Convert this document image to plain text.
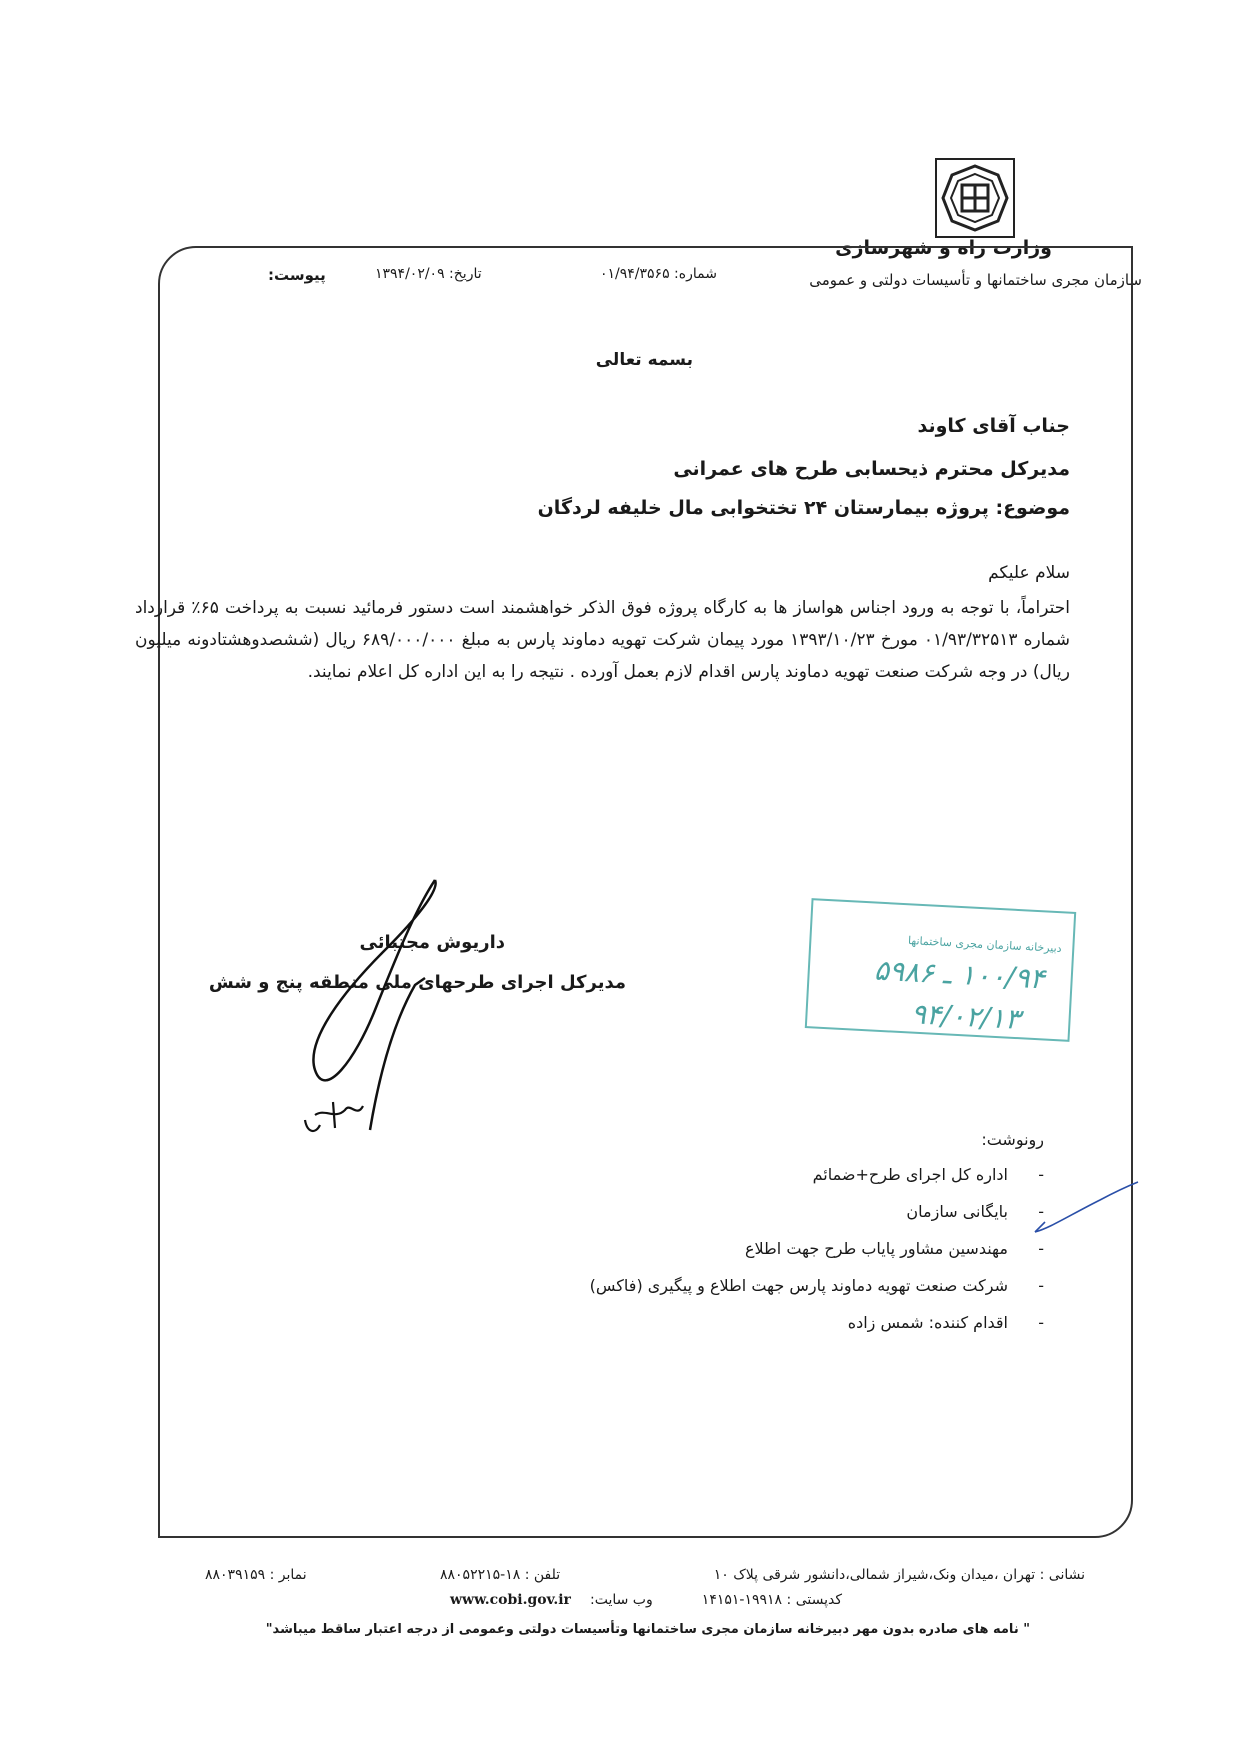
وزارت راه و شهرسازی
سازمان مجری ساختمانها و تأسیسات دولتی و عمومی
شماره: ۰۱/۹۴/۳۵۶۵
تاریخ: ۱۳۹۴/۰۲/۰۹
پیوست:
بسمه تعالی
جناب آقای کاوند
مدیرکل محترم ذیحسابی طرح های عمرانی
موضوع: پروژه بیمارستان ۲۴ تختخوابی مال خلیفه لردگان
سلام علیکم
احتراماً، با توجه به ورود اجناس هواساز ها به کارگاه پروژه فوق الذکر خواهشمند است دستور فرمائید نسبت به پرداخت ۶۵٪ قرارداد شماره ۰۱/۹۳/۳۲۵۱۳ مورخ ۱۳۹۳/۱۰/۲۳ مورد پیمان شرکت تهویه دماوند پارس به مبلغ ۶۸۹/۰۰۰/۰۰۰ ریال (ششصدوهشتادونه میلیون ریال) در وجه شرکت صنعت تهویه دماوند پارس اقدام لازم بعمل آورده . نتیجه را به این اداره کل اعلام نمایند.
داریوش مجتبائی
مدیرکل اجرای طرحهای ملی منطقه پنج و شش
دبیرخانه سازمان مجری ساختمانها
۱۰۰/۹۴ ـ ۵۹۸۶
۹۴/۰۲/۱۳
رونوشت:
-
اداره کل اجرای طرح+ضمائم
-
بایگانی سازمان
-
مهندسین مشاور پایاب طرح جهت اطلاع
-
شرکت صنعت تهویه دماوند پارس جهت اطلاع و پیگیری (فاکس)
-
اقدام کننده: شمس زاده
نشانی : تهران ،میدان ونک،شیراز شمالی،دانشور شرقی پلاک ۱۰
تلفن : ۱۸-۸۸۰۵۲۲۱۵
نمابر : ۸۸۰۳۹۱۵۹
کدپستی : ۱۹۹۱۸-۱۴۱۵۱
وب سایت:
www.cobi.gov.ir
" نامه های صادره بدون مهر دبیرخانه سازمان مجری ساختمانها وتأسیسات دولتی وعمومی از درجه اعتبار ساقط میباشد"
